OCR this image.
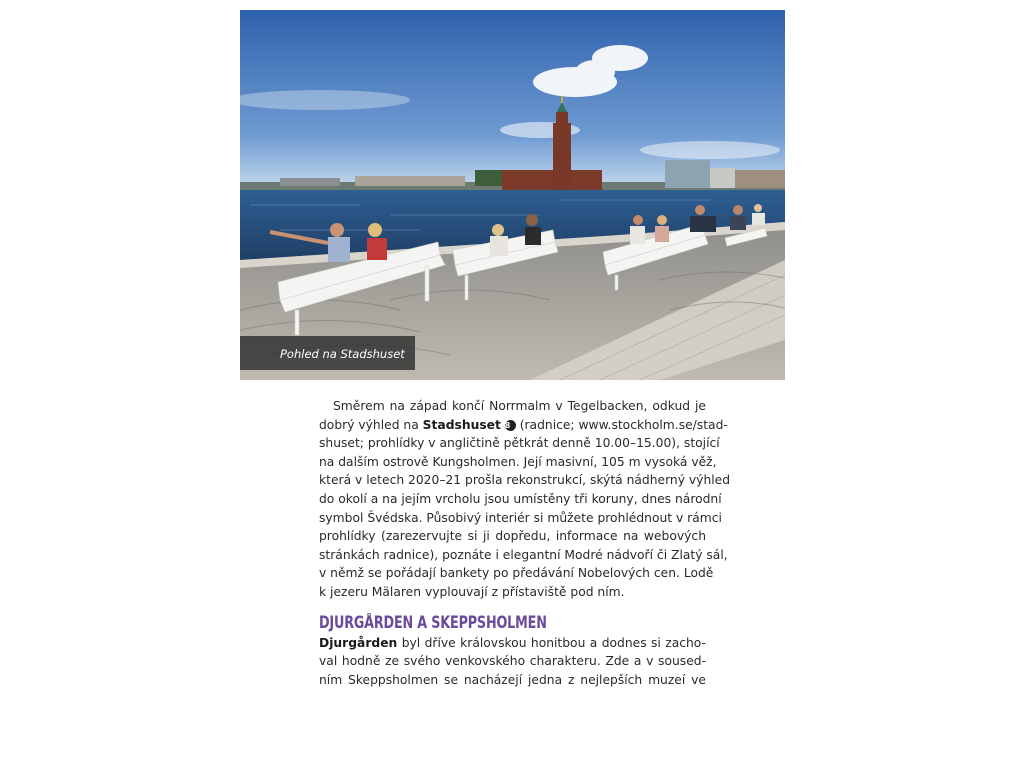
Pohled na Stadshuset

Směrem na západ končí Norrmalm v Tegelbacken, odkud je

dobrý výhled na Stadshuset 8 (radnice; www.stockholm.se/stad-

shuset; prohlídky v angličtině pětkrát denně 10.00–15.00), stojící

na dalším ostrově Kungsholmen. Její masivní, 105 m vysoká věž,

která v letech 2020–21 prošla rekonstrukcí, skýtá nádherný výhled

do okolí a na jejím vrcholu jsou umístěny tři koruny, dnes národní

symbol Švédska. Působivý interiér si můžete prohlédnout v rámci

prohlídky (zarezervujte si ji dopředu, informace na webových

stránkách radnice), poznáte i elegantní Modré nádvoří či Zlatý sál,

v němž se pořádají bankety po předávání Nobelových cen. Lodě

k jezeru Mälaren vyplouvají z přístaviště pod ním.

DJURGÅRDEN A SKEPPSHOLMEN

Djurgården byl dříve královskou honitbou a dodnes si zacho-

val hodně ze svého venkovského charakteru. Zde a v soused-

ním Skeppsholmen se nacházejí jedna z nejlepších muzeí ve
